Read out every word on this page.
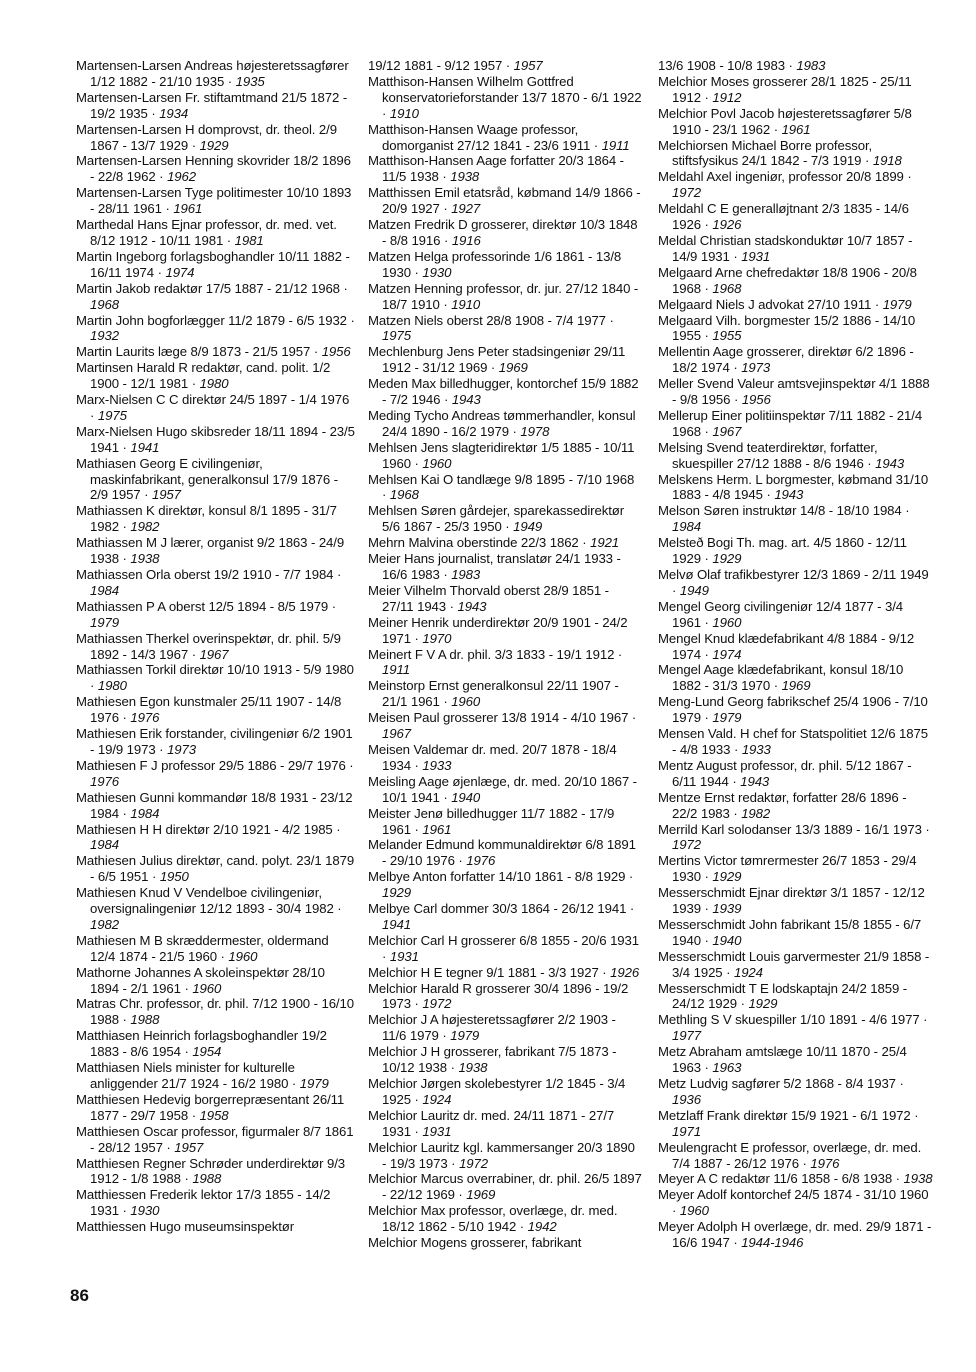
Martensen-Larsen Andreas højesteretssagfører 1/12 1882 - 21/10 1935 · 1935
Martensen-Larsen Fr. stiftamtmand 21/5 1872 - 19/2 1935 · 1934
Martensen-Larsen H domprovst, dr. theol. 2/9 1867 - 13/7 1929 · 1929
Martensen-Larsen Henning skovrider 18/2 1896 - 22/8 1962 · 1962
Martensen-Larsen Tyge politimester 10/10 1893 - 28/11 1961 · 1961
Marthedal Hans Ejnar professor, dr. med. vet. 8/12 1912 - 10/11 1981 · 1981
Martin Ingeborg forlagsboghandler 10/11 1882 - 16/11 1974 · 1974
Martin Jakob redaktør 17/5 1887 - 21/12 1968 · 1968
Martin John bogforlægger 11/2 1879 - 6/5 1932 · 1932
Martin Laurits læge 8/9 1873 - 21/5 1957 · 1956
Martinsen Harald R redaktør, cand. polit. 1/2 1900 - 12/1 1981 · 1980
Marx-Nielsen C C direktør 24/5 1897 - 1/4 1976 · 1975
Marx-Nielsen Hugo skibsreder 18/11 1894 - 23/5 1941 · 1941
Mathiasen Georg E civilingeniør, maskinfabrikant, generalkonsul 17/9 1876 - 2/9 1957 · 1957
Mathiassen K direktør, konsul 8/1 1895 - 31/7 1982 · 1982
Mathiassen M J lærer, organist 9/2 1863 - 24/9 1938 · 1938
Mathiassen Orla oberst 19/2 1910 - 7/7 1984 · 1984
Mathiassen P A oberst 12/5 1894 - 8/5 1979 · 1979
Mathiassen Therkel overinspektør, dr. phil. 5/9 1892 - 14/3 1967 · 1967
Mathiassen Torkil direktør 10/10 1913 - 5/9 1980 · 1980
Mathiesen Egon kunstmaler 25/11 1907 - 14/8 1976 · 1976
Mathiesen Erik forstander, civilingeniør 6/2 1901 - 19/9 1973 · 1973
Mathiesen F J professor 29/5 1886 - 29/7 1976 · 1976
Mathiesen Gunni kommandør 18/8 1931 - 23/12 1984 · 1984
Mathiesen H H direktør 2/10 1921 - 4/2 1985 · 1984
Mathiesen Julius direktør, cand. polyt. 23/1 1879 - 6/5 1951 · 1950
Mathiesen Knud V Vendelboe civilingeniør, oversignalingeniør 12/12 1893 - 30/4 1982 · 1982
Mathiesen M B skræddermester, oldermand 12/4 1874 - 21/5 1960 · 1960
Mathorne Johannes A skoleinspektør 28/10 1894 - 2/1 1961 · 1960
Matras Chr. professor, dr. phil. 7/12 1900 - 16/10 1988 · 1988
Matthiasen Heinrich forlagsboghandler 19/2 1883 - 8/6 1954 · 1954
Matthiasen Niels minister for kulturelle anliggender 21/7 1924 - 16/2 1980 · 1979
Matthiesen Hedevig borgerrepræsentant 26/11 1877 - 29/7 1958 · 1958
Matthiesen Oscar professor, figurmaler 8/7 1861 - 28/12 1957 · 1957
Matthiesen Regner Schrøder underdirektør 9/3 1912 - 1/8 1988 · 1988
Matthiessen Frederik lektor 17/3 1855 - 14/2 1931 · 1930
Matthiessen Hugo museumsinspektør
19/12 1881 - 9/12 1957 · 1957
Matthison-Hansen Wilhelm Gottfred konservatorieforstander 13/7 1870 - 6/1 1922 · 1910
Matthison-Hansen Waage professor, domorganist 27/12 1841 - 23/6 1911 · 1911
Matthison-Hansen Aage forfatter 20/3 1864 - 11/5 1938 · 1938
Matthissen Emil etatsråd, købmand 14/9 1866 - 20/9 1927 · 1927
Matzen Fredrik D grosserer, direktør 10/3 1848 - 8/8 1916 · 1916
Matzen Helga professorinde 1/6 1861 - 13/8 1930 · 1930
Matzen Henning professor, dr. jur. 27/12 1840 - 18/7 1910 · 1910
Matzen Niels oberst 28/8 1908 - 7/4 1977 · 1975
Mechlenburg Jens Peter stadsingeniør 29/11 1912 - 31/12 1969 · 1969
Meden Max billedhugger, kontorchef 15/9 1882 - 7/2 1946 · 1943
Meding Tycho Andreas tømmerhandler, konsul 24/4 1890 - 16/2 1979 · 1978
Mehlsen Jens slagteridirektør 1/5 1885 - 10/11 1960 · 1960
Mehlsen Kai O tandlæge 9/8 1895 - 7/10 1968 · 1968
Mehlsen Søren gårdejer, sparekassedirektør 5/6 1867 - 25/3 1950 · 1949
Mehrn Malvina oberstinde 22/3 1862 · 1921
Meier Hans journalist, translatør 24/1 1933 - 16/6 1983 · 1983
Meier Vilhelm Thorvald oberst 28/9 1851 - 27/11 1943 · 1943
Meiner Henrik underdirektør 20/9 1901 - 24/2 1971 · 1970
Meinert F V A dr. phil. 3/3 1833 - 19/1 1912 · 1911
Meinstorp Ernst generalkonsul 22/11 1907 - 21/1 1961 · 1960
Meisen Paul grosserer 13/8 1914 - 4/10 1967 · 1967
Meisen Valdemar dr. med. 20/7 1878 - 18/4 1934 · 1933
Meisling Aage øjenlæge, dr. med. 20/10 1867 - 10/1 1941 · 1940
Meister Jenø billedhugger 11/7 1882 - 17/9 1961 · 1961
Melander Edmund kommunaldirektør 6/8 1891 - 29/10 1976 · 1976
Melbye Anton forfatter 14/10 1861 - 8/8 1929 · 1929
Melbye Carl dommer 30/3 1864 - 26/12 1941 · 1941
Melchior Carl H grosserer 6/8 1855 - 20/6 1931 · 1931
Melchior H E tegner 9/1 1881 - 3/3 1927 · 1926
Melchior Harald R grosserer 30/4 1896 - 19/2 1973 · 1972
Melchior J A højesteretssagfører 2/2 1903 - 11/6 1979 · 1979
Melchior J H grosserer, fabrikant 7/5 1873 - 10/12 1938 · 1938
Melchior Jørgen skolebestyrer 1/2 1845 - 3/4 1925 · 1924
Melchior Lauritz dr. med. 24/11 1871 - 27/7 1931 · 1931
Melchior Lauritz kgl. kammersanger 20/3 1890 - 19/3 1973 · 1972
Melchior Marcus overrabiner, dr. phil. 26/5 1897 - 22/12 1969 · 1969
Melchior Max professor, overlæge, dr. med. 18/12 1862 - 5/10 1942 · 1942
Melchior Mogens grosserer, fabrikant
13/6 1908 - 10/8 1983 · 1983
Melchior Moses grosserer 28/1 1825 - 25/11 1912 · 1912
Melchior Povl Jacob højesteretssagfører 5/8 1910 - 23/1 1962 · 1961
Melchiorsen Michael Borre professor, stiftsfysikus 24/1 1842 - 7/3 1919 · 1918
Meldahl Axel ingeniør, professor 20/8 1899 · 1972
Meldahl C E generalløjtnant 2/3 1835 - 14/6 1926 · 1926
Meldal Christian stadskonduktør 10/7 1857 - 14/9 1931 · 1931
Melgaard Arne chefredaktør 18/8 1906 - 20/8 1968 · 1968
Melgaard Niels J advokat 27/10 1911 · 1979
Melgaard Vilh. borgmester 15/2 1886 - 14/10 1955 · 1955
Mellentin Aage grosserer, direktør 6/2 1896 - 18/2 1974 · 1973
Meller Svend Valeur amtsvejinspektør 4/1 1888 - 9/8 1956 · 1956
Mellerup Einer politiinspektør 7/11 1882 - 21/4 1968 · 1967
Melsing Svend teaterdirektør, forfatter, skuespiller 27/12 1888 - 8/6 1946 · 1943
Melskens Herm. L borgmester, købmand 31/10 1883 - 4/8 1945 · 1943
Melson Søren instruktør 14/8 - 18/10 1984 · 1984
Melsteð Bogi Th. mag. art. 4/5 1860 - 12/11 1929 · 1929
Melvø Olaf trafikbestyrer 12/3 1869 - 2/11 1949 · 1949
Mengel Georg civilingeniør 12/4 1877 - 3/4 1961 · 1960
Mengel Knud klædefabrikant 4/8 1884 - 9/12 1974 · 1974
Mengel Aage klædefabrikant, konsul 18/10 1882 - 31/3 1970 · 1969
Meng-Lund Georg fabrikschef 25/4 1906 - 7/10 1979 · 1979
Mensen Vald. H chef for Statspolitiet 12/6 1875 - 4/8 1933 · 1933
Mentz August professor, dr. phil. 5/12 1867 - 6/11 1944 · 1943
Mentze Ernst redaktør, forfatter 28/6 1896 - 22/2 1983 · 1982
Merrild Karl solodanser 13/3 1889 - 16/1 1973 · 1972
Mertins Victor tømrermester 26/7 1853 - 29/4 1930 · 1929
Messerschmidt Ejnar direktør 3/1 1857 - 12/12 1939 · 1939
Messerschmidt John fabrikant 15/8 1855 - 6/7 1940 · 1940
Messerschmidt Louis garvermester 21/9 1858 - 3/4 1925 · 1924
Messerschmidt T E lodskaptajn 24/2 1859 - 24/12 1929 · 1929
Methling S V skuespiller 1/10 1891 - 4/6 1977 · 1977
Metz Abraham amtslæge 10/11 1870 - 25/4 1963 · 1963
Metz Ludvig sagfører 5/2 1868 - 8/4 1937 · 1936
Metzlaff Frank direktør 15/9 1921 - 6/1 1972 · 1971
Meulengracht E professor, overlæge, dr. med. 7/4 1887 - 26/12 1976 · 1976
Meyer A C redaktør 11/6 1858 - 6/8 1938 · 1938
Meyer Adolf kontorchef 24/5 1874 - 31/10 1960 · 1960
Meyer Adolph H overlæge, dr. med. 29/9 1871 - 16/6 1947 · 1944-1946
86
